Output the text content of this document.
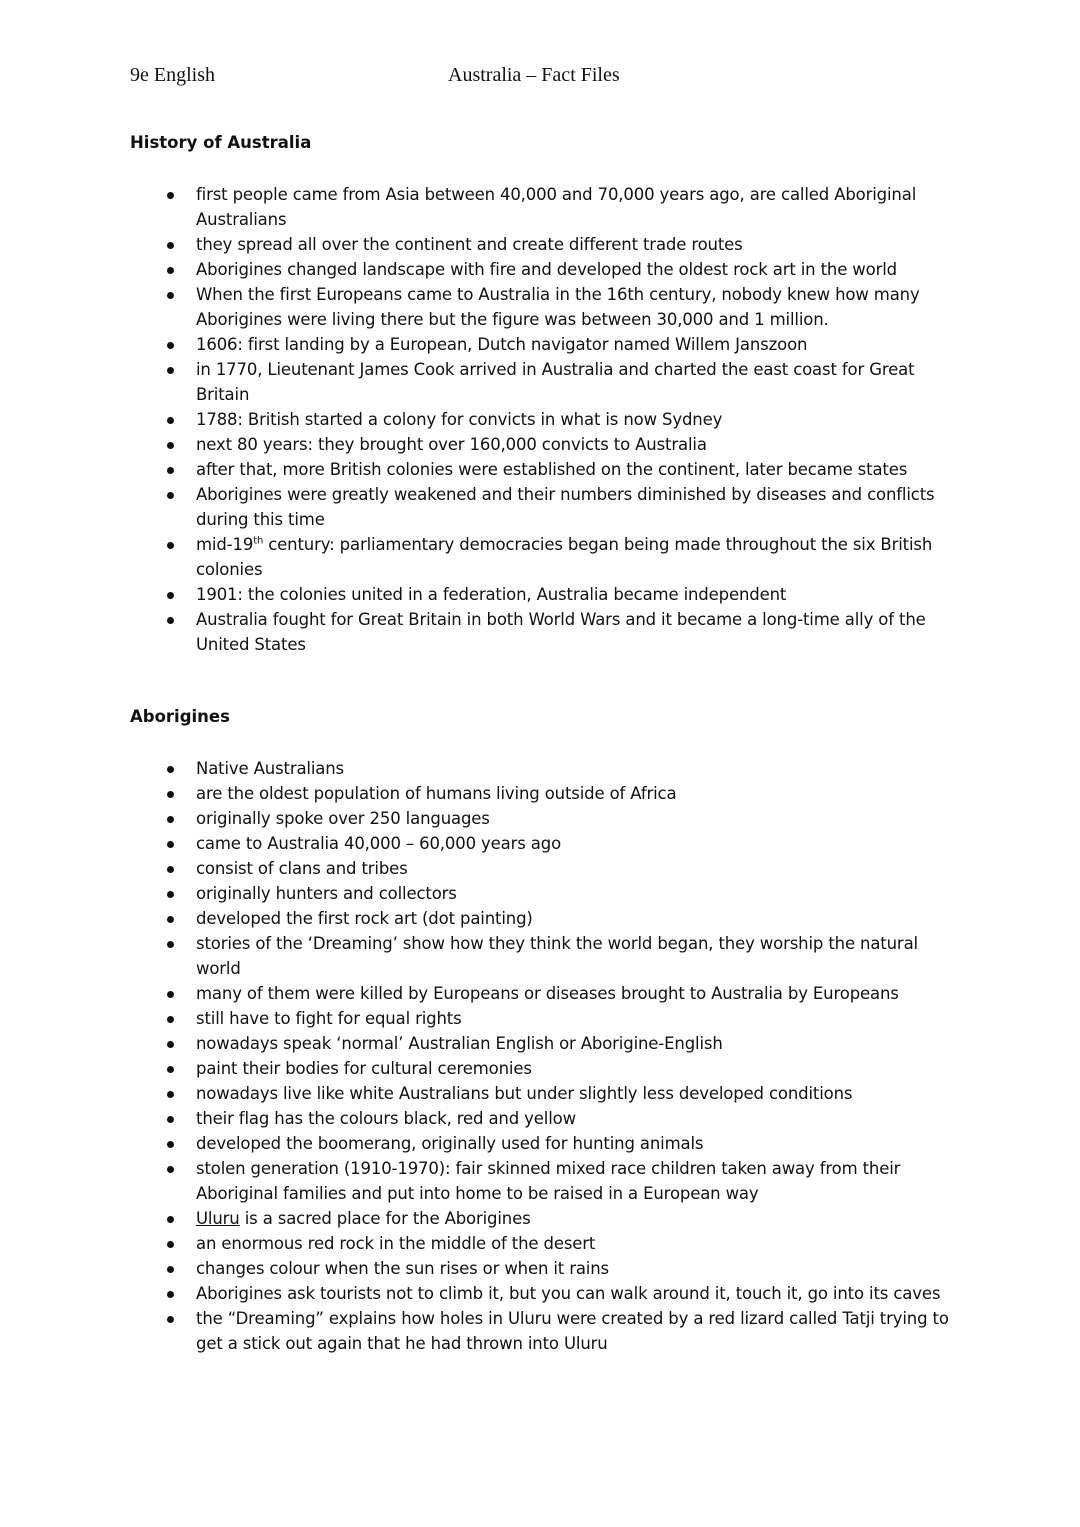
9e English	Australia – Fact Files
History of Australia
first people came from Asia between 40,000 and 70,000 years ago, are called Aboriginal Australians
they spread all over the continent and create different trade routes
Aborigines changed landscape with fire and developed the oldest rock art in the world
When the first Europeans came to Australia in the 16th century, nobody knew how many Aborigines were living there but the figure was between 30,000 and 1 million.
1606: first landing by a European, Dutch navigator named Willem Janszoon
in 1770, Lieutenant James Cook arrived in Australia and charted the east coast for Great Britain
1788: British started a colony for convicts in what is now Sydney
next 80 years: they brought over 160,000 convicts to Australia
after that, more British colonies were established on the continent, later became states
Aborigines were greatly weakened and their numbers diminished by diseases and conflicts during this time
mid-19th century: parliamentary democracies began being made throughout the six British colonies
1901: the colonies united in a federation, Australia became independent
Australia fought for Great Britain in both World Wars and it became a long-time ally of the United States
Aborigines
Native Australians
are the oldest population of humans living outside of Africa
originally spoke over 250 languages
came to Australia 40,000 – 60,000 years ago
consist of clans and tribes
originally hunters and collectors
developed the first rock art (dot painting)
stories of the ‘Dreaming’ show how they think the world began, they worship the natural world
many of them were killed by Europeans or diseases brought to Australia by Europeans
still have to fight for equal rights
nowadays speak ‘normal’ Australian English or Aborigine-English
paint their bodies for cultural ceremonies
nowadays live like white Australians but under slightly less developed conditions
their flag has the colours black, red and yellow
developed the boomerang, originally used for hunting animals
stolen generation (1910-1970): fair skinned mixed race children taken away from their Aboriginal families and put into home to be raised in a European way
Uluru is a sacred place for the Aborigines
an enormous red rock in the middle of the desert
changes colour when the sun rises or when it rains
Aborigines ask tourists not to climb it, but you can walk around it, touch it, go into its caves
the “Dreaming” explains how holes in Uluru were created by a red lizard called Tatji trying to get a stick out again that he had thrown into Uluru
